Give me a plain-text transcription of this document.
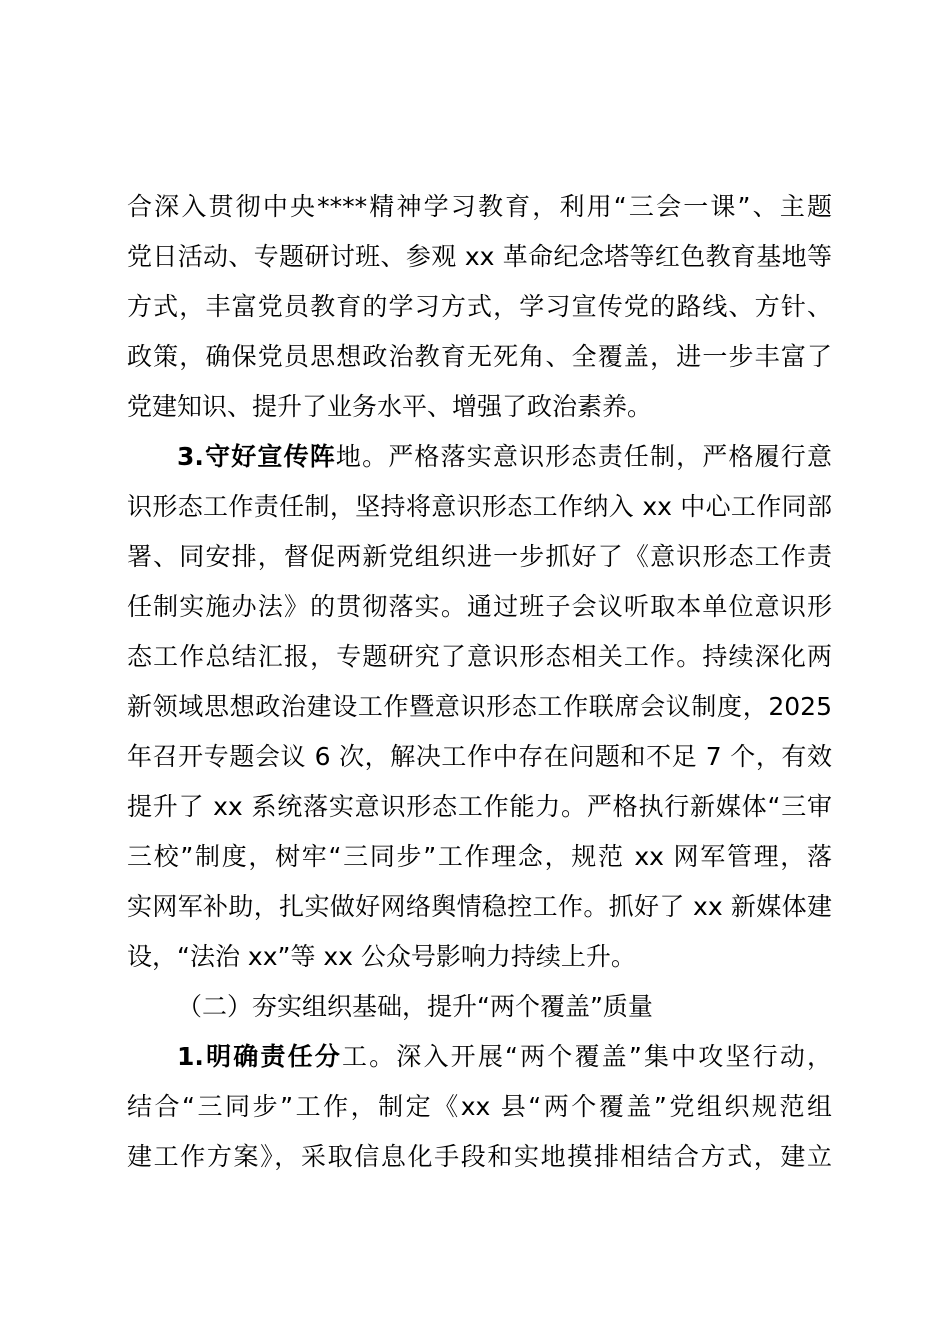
合深入贯彻中央****精神学习教育，利用“三会一课”、主题
党日活动、专题研讨班、参观 xx 革命纪念塔等红色教育基地等
方式，丰富党员教育的学习方式，学习宣传党的路线、方针、
政策，确保党员思想政治教育无死角、全覆盖，进一步丰富了
党建知识、提升了业务水平、增强了政治素养。
3.守好宣传阵地。严格落实意识形态责任制，严格履行意
识形态工作责任制，坚持将意识形态工作纳入 xx 中心工作同部
署、同安排，督促两新党组织进一步抓好了《意识形态工作责
任制实施办法》的贯彻落实。通过班子会议听取本单位意识形
态工作总结汇报，专题研究了意识形态相关工作。持续深化两
新领域思想政治建设工作暨意识形态工作联席会议制度，2025
年召开专题会议 6 次，解决工作中存在问题和不足 7 个，有效
提升了 xx 系统落实意识形态工作能力。严格执行新媒体“三审
三校”制度，树牢“三同步”工作理念，规范 xx 网军管理，落
实网军补助，扎实做好网络舆情稳控工作。抓好了 xx 新媒体建
设，“法治 xx”等 xx 公众号影响力持续上升。
（二）夯实组织基础，提升“两个覆盖”质量
1.明确责任分工。深入开展“两个覆盖”集中攻坚行动，
结合“三同步”工作，制定《xx 县“两个覆盖”党组织规范组
建工作方案》，采取信息化手段和实地摸排相结合方式，建立
